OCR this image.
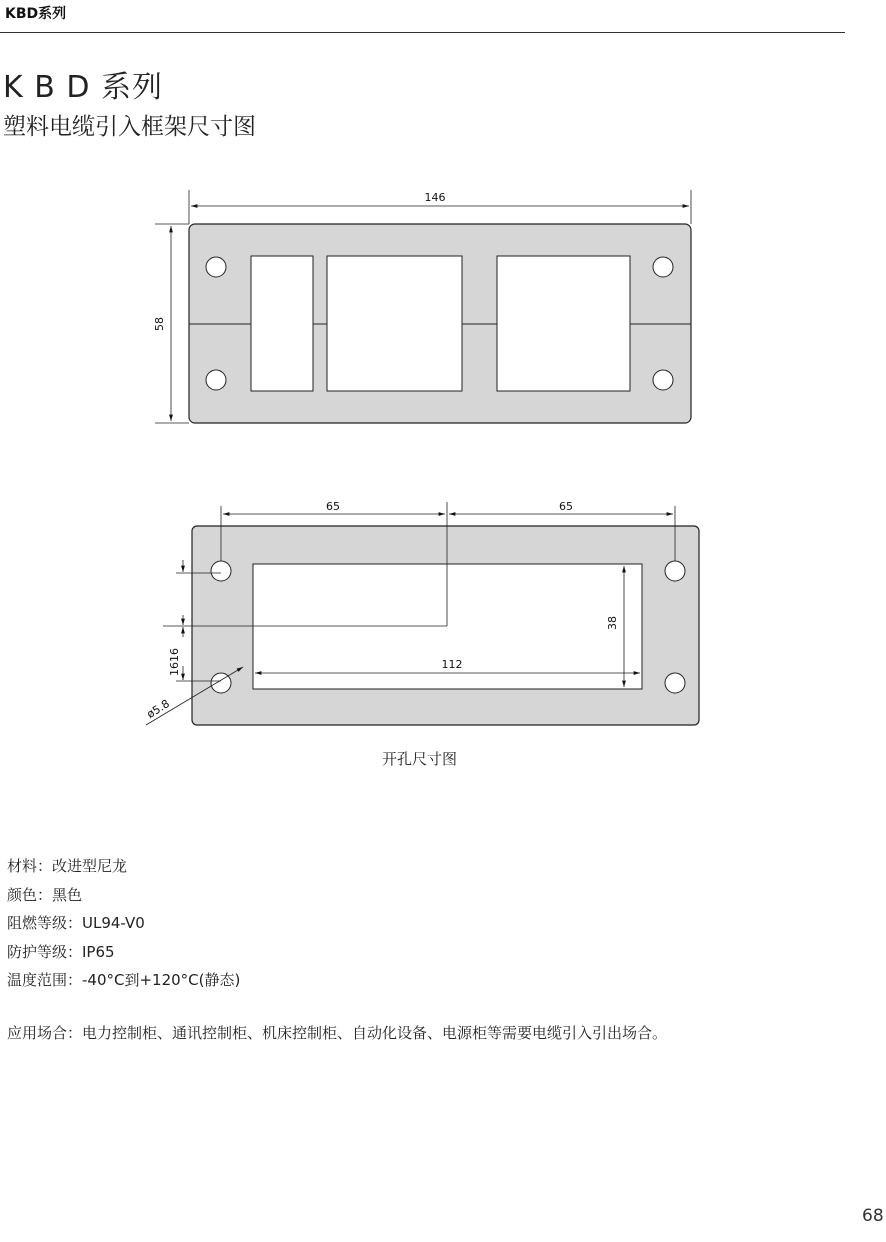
KBD系列
K B D 系列
塑料电缆引入框架尺寸图
146
58
65	65
38
112
1616
ø5.8
开孔尺寸图
材料：改进型尼龙
颜色：黑色
阻燃等级：UL94-V0
防护等级：IP65
温度范围：-40°C到+120°C(静态)
应用场合：电力控制柜、通讯控制柜、机床控制柜、自动化设备、电源柜等需要电缆引入引出场合。
68
